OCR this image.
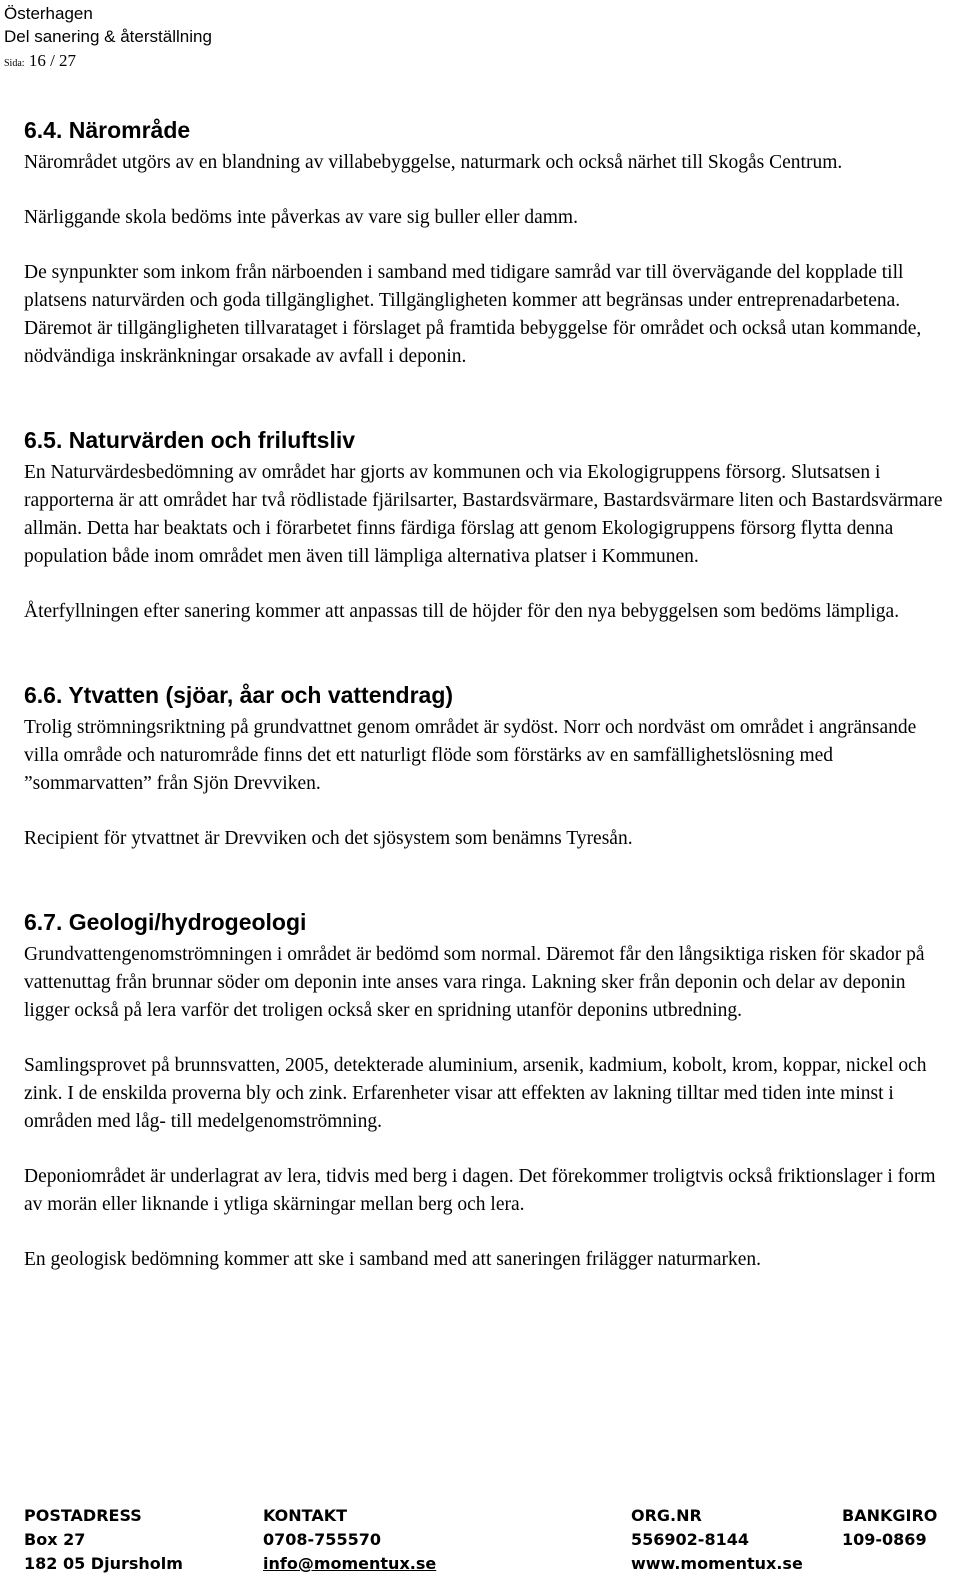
Österhagen
Del sanering & återställning
Sida: 16 / 27
6.4. Närområde

Närområdet utgörs av en blandning av villabebyggelse, naturmark och också närhet till Skogås Centrum.

Närliggande skola bedöms inte påverkas av vare sig buller eller damm.

De synpunkter som inkom från närboenden i samband med tidigare samråd var till övervägande del kopplade till platsens naturvärden och goda tillgänglighet. Tillgängligheten kommer att begränsas under entreprenadarbetena. Däremot är tillgängligheten tillvarataget i förslaget på framtida bebyggelse för området och också utan kommande, nödvändiga inskränkningar orsakade av avfall i deponin.

6.5. Naturvärden och friluftsliv

En Naturvärdesbedömning av området har gjorts av kommunen och via Ekologigruppens försorg. Slutsatsen i rapporterna är att området har två rödlistade fjärilsarter, Bastardsvärmare, Bastardsvärmare liten och Bastardsvärmare allmän. Detta har beaktats och i förarbetet finns färdiga förslag att genom Ekologigruppens försorg flytta denna population både inom området men även till lämpliga alternativa platser i Kommunen.

Återfyllningen efter sanering kommer att anpassas till de höjder för den nya bebyggelsen som bedöms lämpliga.

6.6. Ytvatten (sjöar, åar och vattendrag)

Trolig strömningsriktning på grundvattnet genom området är sydöst. Norr och nordväst om området i angränsande villa område och naturområde finns det ett naturligt flöde som förstärks av en samfällighetslösning med ”sommarvatten” från Sjön Drevviken.

Recipient för ytvattnet är Drevviken och det sjösystem som benämns Tyresån.

6.7. Geologi/hydrogeologi

Grundvattengenomströmningen i området är bedömd som normal. Däremot får den långsiktiga risken för skador på vattenuttag från brunnar söder om deponin inte anses vara ringa. Lakning sker från deponin och delar av deponin ligger också på lera varför det troligen också sker en spridning utanför deponins utbredning.

Samlingsprovet på brunnsvatten, 2005, detekterade aluminium, arsenik, kadmium, kobolt, krom, koppar, nickel och zink. I de enskilda proverna bly och zink. Erfarenheter visar att effekten av lakning tilltar med tiden inte minst i områden med låg- till medelgenomströmning.

Deponiområdet är underlagrat av lera, tidvis med berg i dagen. Det förekommer troligtvis också friktionslager i form av morän eller liknande i ytliga skärningar mellan berg och lera.

En geologisk bedömning kommer att ske i samband med att saneringen frilägger naturmarken.

POSTADRESS
Box 27
182 05 Djursholm
KONTAKT
0708-755570
info@momentux.se
ORG.NR
556902-8144
www.momentux.se
BANKGIRO
109-0869
